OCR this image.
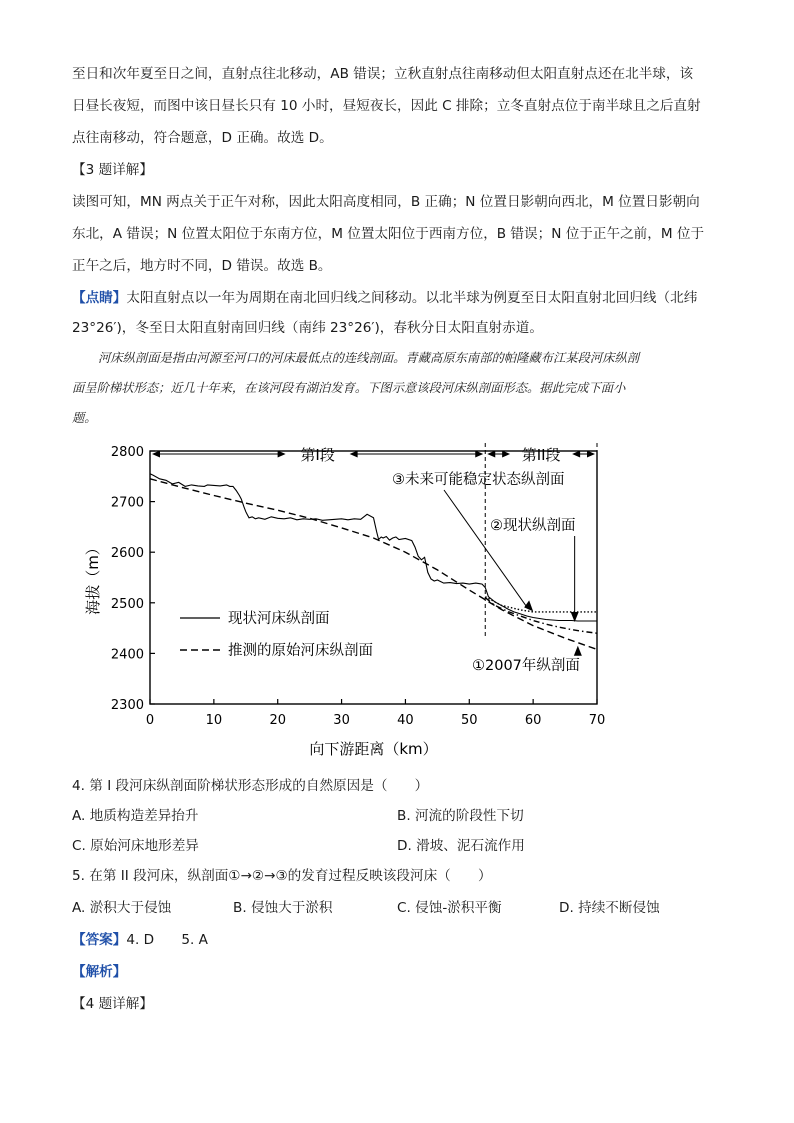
至日和次年夏至日之间，直射点往北移动，AB 错误；立秋直射点往南移动但太阳直射点还在北半球，该
日昼长夜短，而图中该日昼长只有 10 小时，昼短夜长，因此 C 排除；立冬直射点位于南半球且之后直射
点往南移动，符合题意，D 正确。故选 D。
【3 题详解】
读图可知，MN 两点关于正午对称，因此太阳高度相同，B 正确；N 位置日影朝向西北，M 位置日影朝向
东北，A 错误；N 位置太阳位于东南方位，M 位置太阳位于西南方位，B 错误；N 位于正午之前，M 位于
正午之后，地方时不同，D 错误。故选 B。
【点睛】太阳直射点以一年为周期在南北回归线之间移动。以北半球为例夏至日太阳直射北回归线（北纬
23°26′)，冬至日太阳直射南回归线（南纬 23°26′)，春秋分日太阳直射赤道。
河床纵剖面是指由河源至河口的河床最低点的连线剖面。青藏高原东南部的帕隆藏布江某段河床纵剖
面呈阶梯状形态；近几十年来，在该河段有湖泊发育。下图示意该段河床纵剖面形态。据此完成下面小
题。
0	10	20	30	40	50	60	70
2300
2400
2500
2600
2700
2800
向下游距离（km）
海拔（m）
第I段	第II段
现状河床纵剖面
推测的原始河床纵剖面
③未来可能稳定状态纵剖面
②现状纵剖面
①2007年纵剖面
4. 第 I 段河床纵剖面阶梯状形态形成的自然原因是（　　）
A. 地质构造差异抬升	B. 河流的阶段性下切
C. 原始河床地形差异	D. 滑坡、泥石流作用
5. 在第 II 段河床，纵剖面①→②→③的发育过程反映该段河床（　　）
A. 淤积大于侵蚀	B. 侵蚀大于淤积	C. 侵蚀-淤积平衡	D. 持续不断侵蚀
【答案】4. D　　5. A
【解析】
【4 题详解】
